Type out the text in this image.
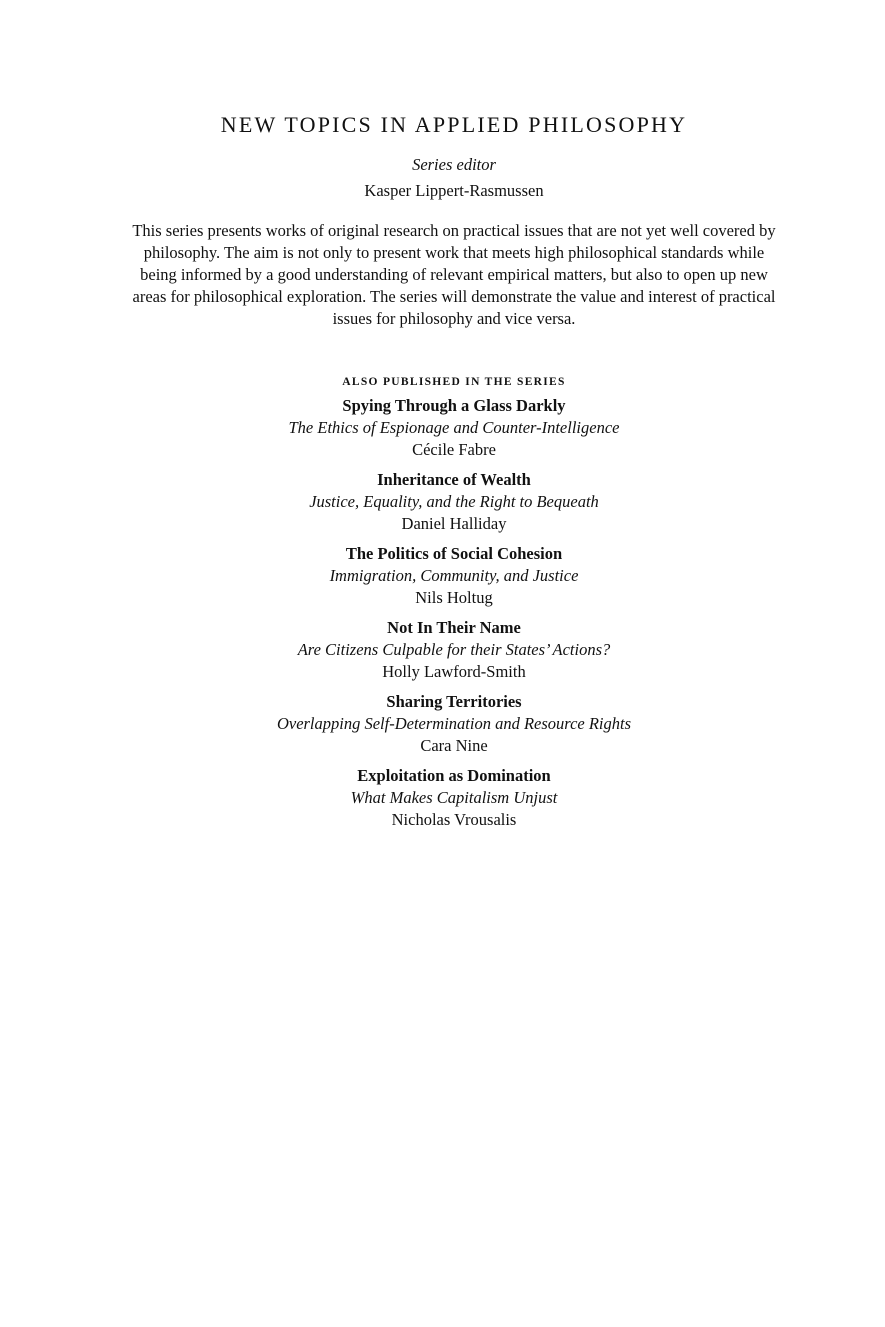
NEW TOPICS IN APPLIED PHILOSOPHY
Series editor
Kasper Lippert-Rasmussen

This series presents works of original research on practical issues that are not yet well covered by philosophy. The aim is not only to present work that meets high philosophical standards while being informed by a good understanding of relevant empirical matters, but also to open up new areas for philosophical exploration. The series will demonstrate the value and interest of practical issues for philosophy and vice versa.

ALSO PUBLISHED IN THE SERIES
Spying Through a Glass Darkly
The Ethics of Espionage and Counter-Intelligence
Cécile Fabre
Inheritance of Wealth
Justice, Equality, and the Right to Bequeath
Daniel Halliday
The Politics of Social Cohesion
Immigration, Community, and Justice
Nils Holtug
Not In Their Name
Are Citizens Culpable for their States’ Actions?
Holly Lawford-Smith
Sharing Territories
Overlapping Self-Determination and Resource Rights
Cara Nine
Exploitation as Domination
What Makes Capitalism Unjust
Nicholas Vrousalis
